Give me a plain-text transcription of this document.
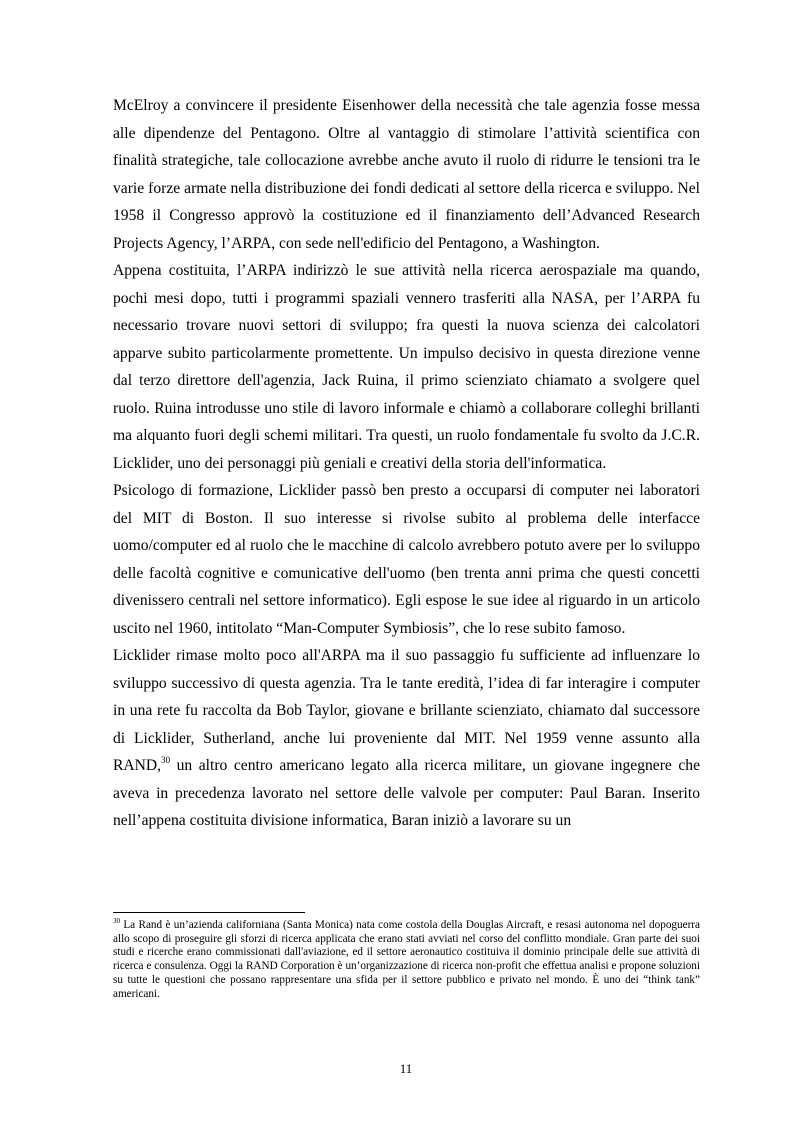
McElroy a convincere il presidente Eisenhower della necessità che tale agenzia fosse messa alle dipendenze del Pentagono. Oltre al vantaggio di stimolare l’attività scientifica con finalità strategiche, tale collocazione avrebbe anche avuto il ruolo di ridurre le tensioni tra le varie forze armate nella distribuzione dei fondi dedicati al settore della ricerca e sviluppo. Nel 1958 il Congresso approvò la costituzione ed il finanziamento dell’Advanced Research Projects Agency, l’ARPA, con sede nell'edificio del Pentagono, a Washington.

Appena costituita, l’ARPA indirizzò le sue attività nella ricerca aerospaziale ma quando, pochi mesi dopo, tutti i programmi spaziali vennero trasferiti alla NASA, per l’ARPA fu necessario trovare nuovi settori di sviluppo; fra questi la nuova scienza dei calcolatori apparve subito particolarmente promettente. Un impulso decisivo in questa direzione venne dal terzo direttore dell'agenzia, Jack Ruina, il primo scienziato chiamato a svolgere quel ruolo. Ruina introdusse uno stile di lavoro informale e chiamò a collaborare colleghi brillanti ma alquanto fuori degli schemi militari. Tra questi, un ruolo fondamentale fu svolto da J.C.R. Licklider, uno dei personaggi più geniali e creativi della storia dell'informatica.

Psicologo di formazione, Licklider passò ben presto a occuparsi di computer nei laboratori del MIT di Boston. Il suo interesse si rivolse subito al problema delle interfacce uomo/computer ed al ruolo che le macchine di calcolo avrebbero potuto avere per lo sviluppo delle facoltà cognitive e comunicative dell'uomo (ben trenta anni prima che questi concetti divenissero centrali nel settore informatico). Egli espose le sue idee al riguardo in un articolo uscito nel 1960, intitolato “Man-Computer Symbiosis”, che lo rese subito famoso.

Licklider rimase molto poco all'ARPA ma il suo passaggio fu sufficiente ad influenzare lo sviluppo successivo di questa agenzia. Tra le tante eredità, l’idea di far interagire i computer in una rete fu raccolta da Bob Taylor, giovane e brillante scienziato, chiamato dal successore di Licklider, Sutherland, anche lui proveniente dal MIT. Nel 1959 venne assunto alla RAND,$^{30}$ un altro centro americano legato alla ricerca militare, un giovane ingegnere che aveva in precedenza lavorato nel settore delle valvole per computer: Paul Baran. Inserito nell’appena costituita divisione informatica, Baran iniziò a lavorare su un

$^{30}$ La Rand è un’azienda californiana (Santa Monica) nata come costola della Douglas Aircraft, e resasi autonoma nel dopoguerra allo scopo di proseguire gli sforzi di ricerca applicata che erano stati avviati nel corso del conflitto mondiale. Gran parte dei suoi studi e ricerche erano commissionati dall'aviazione, ed il settore aeronautico costituiva il dominio principale delle sue attività di ricerca e consulenza. Oggi la RAND Corporation è un’organizzazione di ricerca non-profit che effettua analisi e propone soluzioni su tutte le questioni che possano rappresentare una sfida per il settore pubblico e privato nel mondo. È uno dei “think tank” americani.

11
